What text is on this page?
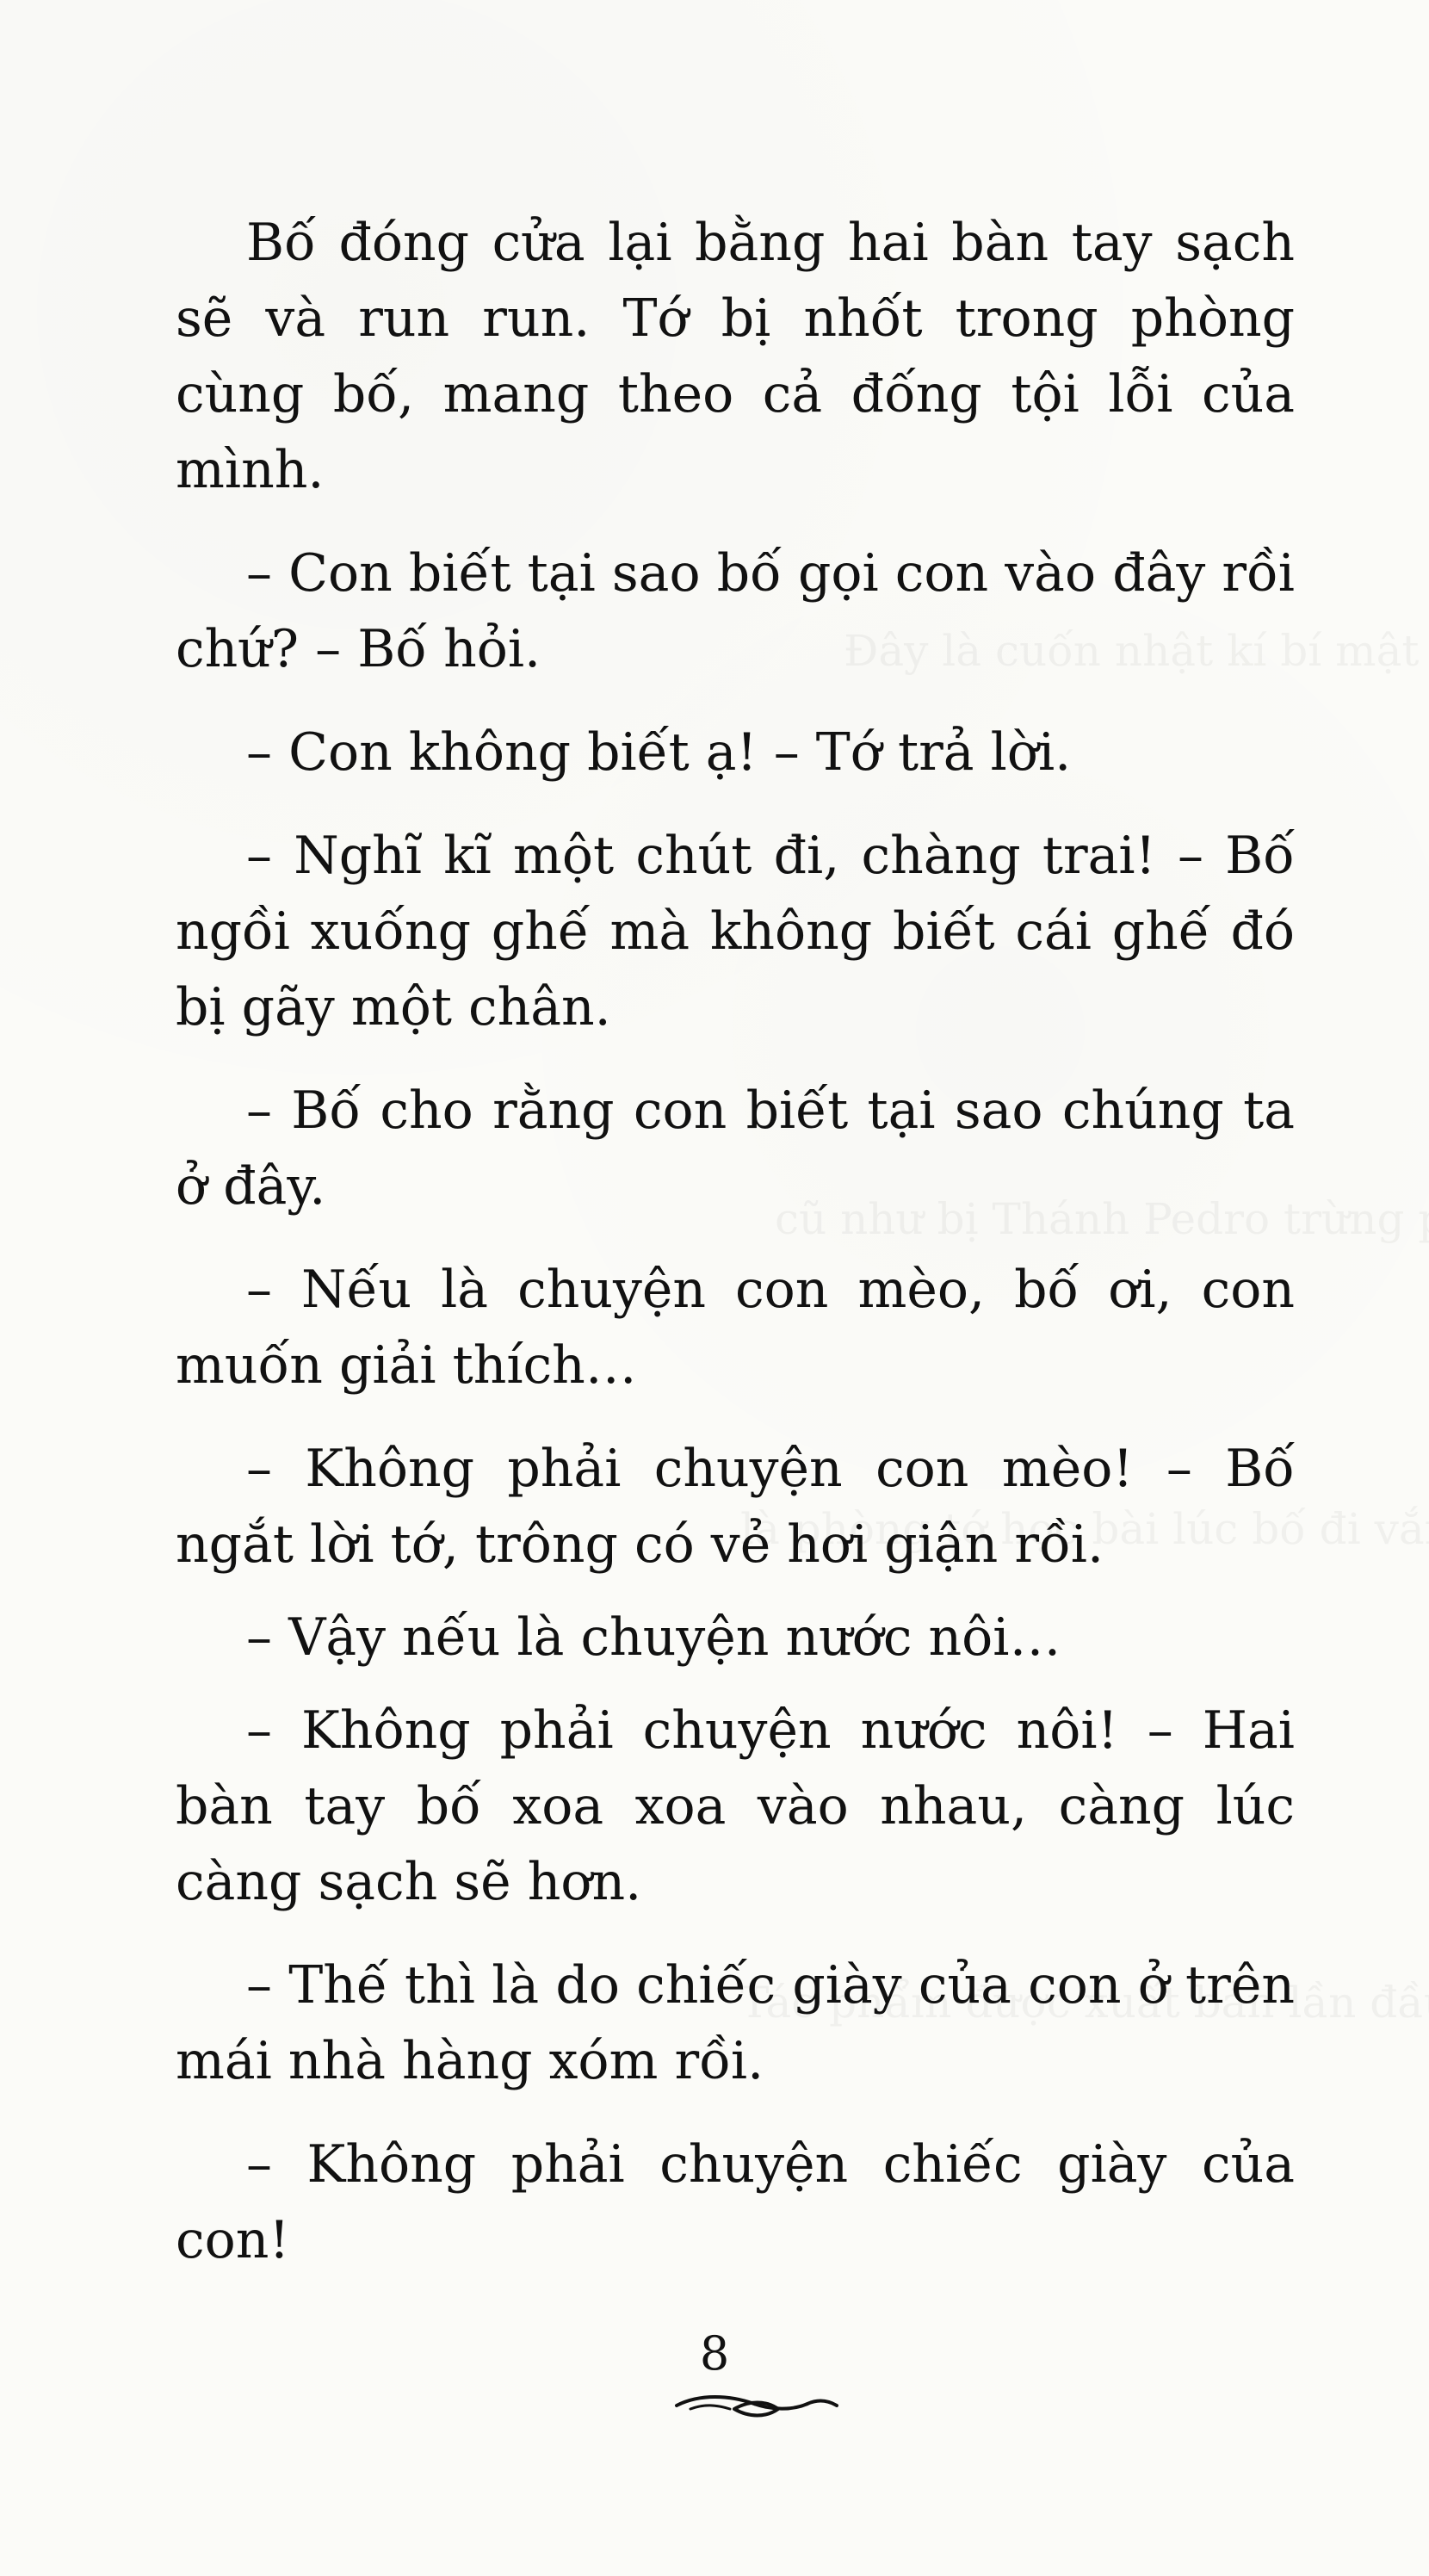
Bố đóng cửa lại bằng hai bàn tay sạch sẽ và run run. Tớ bị nhốt trong phòng cùng bố, mang theo cả đống tội lỗi của mình.

– Con biết tại sao bố gọi con vào đây rồi chứ? – Bố hỏi.

– Con không biết ạ! – Tớ trả lời.

– Nghĩ kĩ một chút đi, chàng trai! – Bố ngồi xuống ghế mà không biết cái ghế đó bị gãy một chân.

– Bố cho rằng con biết tại sao chúng ta ở đây.

– Nếu là chuyện con mèo, bố ơi, con muốn giải thích…

– Không phải chuyện con mèo! – Bố ngắt lời tớ, trông có vẻ hơi giận rồi.

– Vậy nếu là chuyện nước nôi…

– Không phải chuyện nước nôi! – Hai bàn tay bố xoa xoa vào nhau, càng lúc càng sạch sẽ hơn.

– Thế thì là do chiếc giày của con ở trên mái nhà hàng xóm rồi.

– Không phải chuyện chiếc giày của con!

8
